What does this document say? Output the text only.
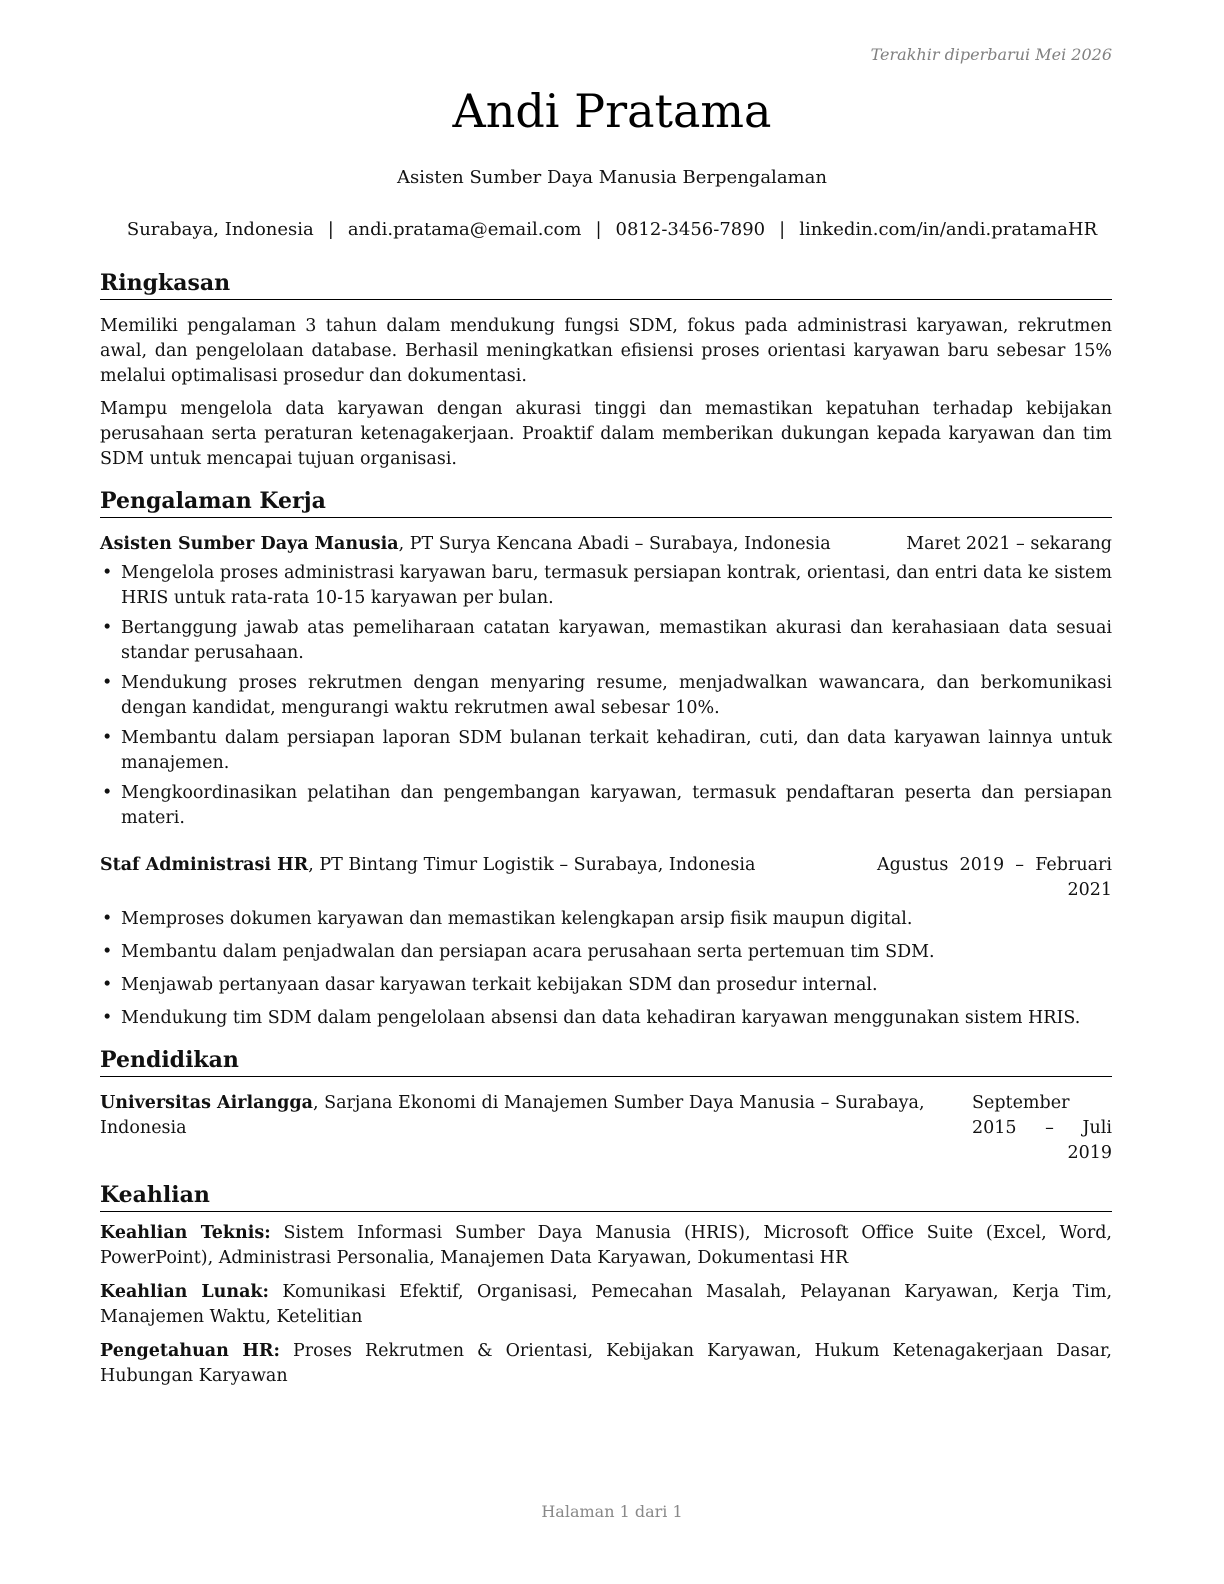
Terakhir diperbarui Mei 2026
Andi Pratama
Asisten Sumber Daya Manusia Berpengalaman
Surabaya, Indonesia | andi.pratama@email.com | 0812-3456-7890 | linkedin.com/in/andi.pratamaHR
Ringkasan

Memiliki pengalaman 3 tahun dalam mendukung fungsi SDM, fokus pada administrasi karyawan, rekrutmen awal, dan pengelolaan database. Berhasil meningkatkan efisiensi proses orientasi karyawan baru sebesar 15% melalui optimalisasi prosedur dan dokumentasi.

Mampu mengelola data karyawan dengan akurasi tinggi dan memastikan kepatuhan terhadap kebijakan perusahaan serta peraturan ketenagakerjaan. Proaktif dalam memberikan dukungan kepada karyawan dan tim SDM untuk mencapai tujuan organisasi.

Pengalaman Kerja
Asisten Sumber Daya Manusia, PT Surya Kencana Abadi – Surabaya, Indonesia	Maret 2021 – sekarang
• Mengelola proses administrasi karyawan baru, termasuk persiapan kontrak, orientasi, dan entri data ke sistem HRIS untuk rata-rata 10-15 karyawan per bulan.
• Bertanggung jawab atas pemeliharaan catatan karyawan, memastikan akurasi dan kerahasiaan data sesuai standar perusahaan.
• Mendukung proses rekrutmen dengan menyaring resume, menjadwalkan wawancara, dan berkomunikasi dengan kandidat, mengurangi waktu rekrutmen awal sebesar 10%.
• Membantu dalam persiapan laporan SDM bulanan terkait kehadiran, cuti, dan data karyawan lainnya untuk manajemen.
• Mengkoordinasikan pelatihan dan pengembangan karyawan, termasuk pendaftaran peserta dan persiapan materi.
Staf Administrasi HR, PT Bintang Timur Logistik – Surabaya, Indonesia	Agustus 2019 – Februari 2021
• Memproses dokumen karyawan dan memastikan kelengkapan arsip fisik maupun digital.
• Membantu dalam penjadwalan dan persiapan acara perusahaan serta pertemuan tim SDM.
• Menjawab pertanyaan dasar karyawan terkait kebijakan SDM dan prosedur internal.
• Mendukung tim SDM dalam pengelolaan absensi dan data kehadiran karyawan menggunakan sistem HRIS.
Pendidikan
Universitas Airlangga, Sarjana Ekonomi di Manajemen Sumber Daya Manusia – Surabaya, Indonesia
September 2015 – Juli 2019
Keahlian

Keahlian Teknis: Sistem Informasi Sumber Daya Manusia (HRIS), Microsoft Office Suite (Excel, Word, PowerPoint), Administrasi Personalia, Manajemen Data Karyawan, Dokumentasi HR

Keahlian Lunak: Komunikasi Efektif, Organisasi, Pemecahan Masalah, Pelayanan Karyawan, Kerja Tim, Manajemen Waktu, Ketelitian

Pengetahuan HR: Proses Rekrutmen & Orientasi, Kebijakan Karyawan, Hukum Ketenagakerjaan Dasar, Hubungan Karyawan

Halaman 1 dari 1
